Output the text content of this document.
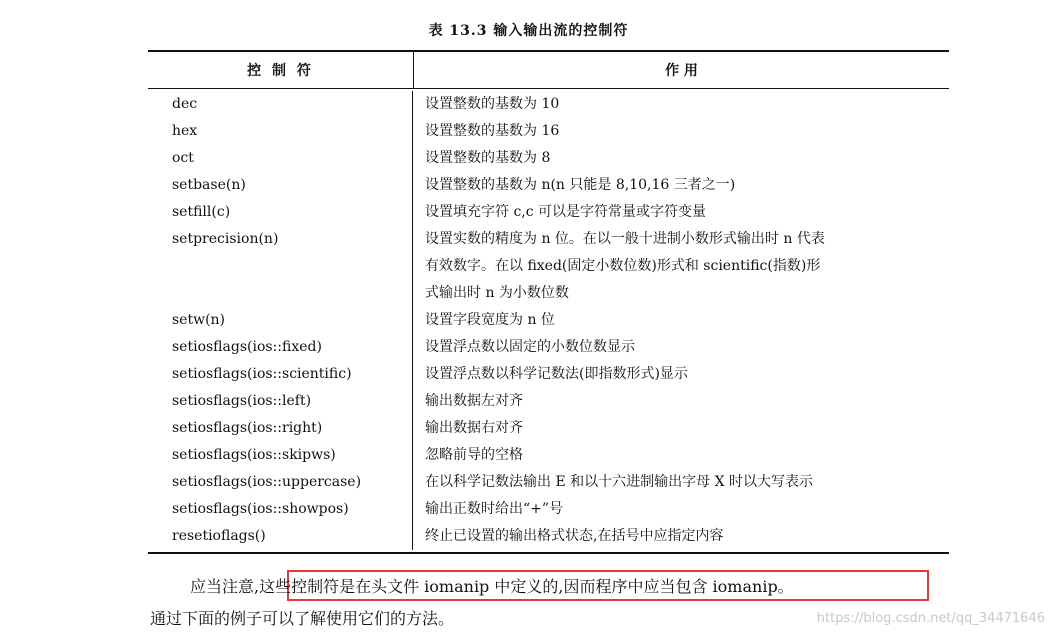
表 13.3 输入输出流的控制符
控 制 符	作 用
dec	设置整数的基数为 10
hex	设置整数的基数为 16
oct	设置整数的基数为 8
setbase(n)	设置整数的基数为 n(n 只能是 8,10,16 三者之一)
setfill(c)	设置填充字符 c,c 可以是字符常量或字符变量
setprecision(n)	设置实数的精度为 n 位。在以一般十进制小数形式输出时 n 代表
有效数字。在以 fixed(固定小数位数)形式和 scientific(指数)形
式输出时 n 为小数位数
setw(n)	设置字段宽度为 n 位
setiosflags(ios::fixed)	设置浮点数以固定的小数位数显示
setiosflags(ios::scientific)	设置浮点数以科学记数法(即指数形式)显示
setiosflags(ios::left)	输出数据左对齐
setiosflags(ios::right)	输出数据右对齐
setiosflags(ios::skipws)	忽略前导的空格
setiosflags(ios::uppercase)	在以科学记数法输出 E 和以十六进制输出字母 X 时以大写表示
setiosflags(ios::showpos)	输出正数时给出“+”号
resetioflags()	终止已设置的输出格式状态,在括号中应指定内容
应当注意,这些控制符是在头文件 iomanip 中定义的,因而程序中应当包含 iomanip。
通过下面的例子可以了解使用它们的方法。	https://blog.csdn.net/qq_34471646
